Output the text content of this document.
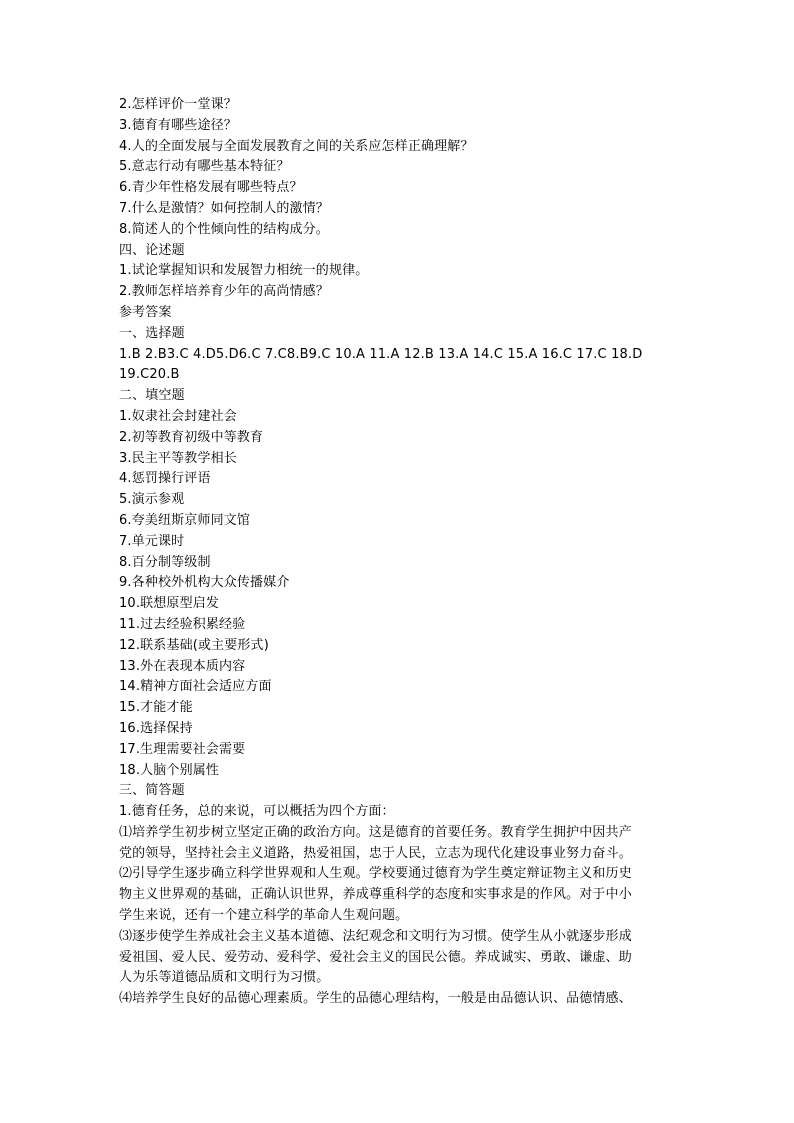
2.怎样评价一堂课？
3.德育有哪些途径？
4.人的全面发展与全面发展教育之间的关系应怎样正确理解？
5.意志行动有哪些基本特征？
6.青少年性格发展有哪些特点？
7.什么是激情？如何控制人的激情？
8.简述人的个性倾向性的结构成分。
四、论述题
1.试论掌握知识和发展智力相统一的规律。
2.教师怎样培养育少年的高尚情感？
参考答案
一、选择题
1.B 2.B3.C 4.D5.D6.C 7.C8.B9.C 10.A 11.A 12.B 13.A 14.C 15.A 16.C 17.C 18.D
19.C20.B
二、填空题
1.奴隶社会封建社会
2.初等教育初级中等教育
3.民主平等教学相长
4.惩罚操行评语
5.演示参观
6.夸美纽斯京师同文馆
7.单元课时
8.百分制等级制
9.各种校外机构大众传播媒介
10.联想原型启发
11.过去经验积累经验
12.联系基础(或主要形式)
13.外在表现本质内容
14.精神方面社会适应方面
15.才能才能
16.选择保持
17.生理需要社会需要
18.人脑个别属性
三、简答题
1.德育任务，总的来说，可以概括为四个方面：
⑴培养学生初步树立坚定正确的政治方向。这是德育的首要任务。教育学生拥护中因共产
党的领导，坚持社会主义道路，热爱祖国，忠于人民，立志为现代化建设事业努力奋斗。
⑵引导学生逐步确立科学世界观和人生观。学校要通过德育为学生奠定辩证物主义和历史
物主义世界观的基础，正确认识世界，养成尊重科学的态度和实事求是的作风。对于中小
学生来说，还有一个建立科学的革命人生观问题。
⑶逐步使学生养成社会主义基本道德、法纪观念和文明行为习惯。使学生从小就逐步形成
爱祖国、爱人民、爱劳动、爱科学、爱社会主义的国民公德。养成诚实、勇敢、谦虚、助
人为乐等道德品质和文明行为习惯。
⑷培养学生良好的品德心理素质。学生的品德心理结构，一般是由品德认识、品德情感、
